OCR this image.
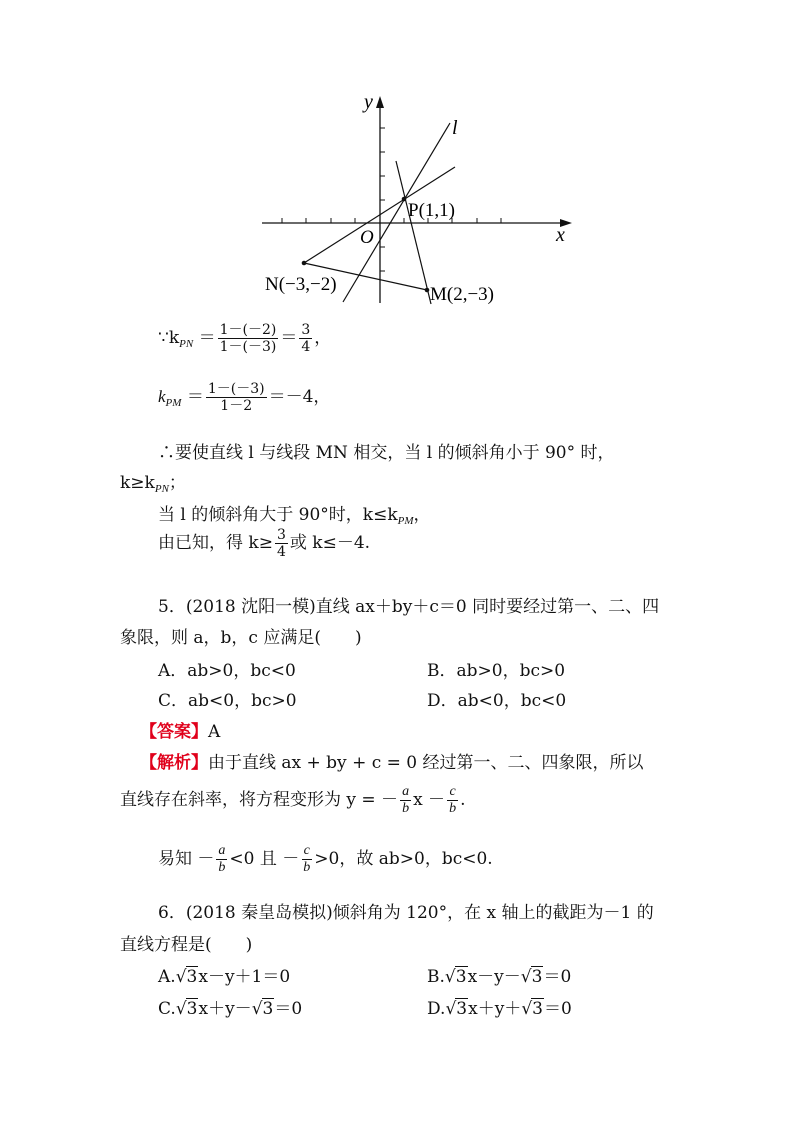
y
x
O
l
P(1,1)
N(−3,−2)	M(2,−3)
$\because k_{PN} = \frac{1-(-2)}{1-(-3)} = \frac{3}{4}$ ，
$k_{PM} = \frac{1-(-3)}{1-2} =-4$，
∴要使直线 l 与线段 MN 相交，当 l 的倾斜角小于 90° 时，
$k\ge k_{PN}$；
当 l 的倾斜角大于 90°时，$k\le k_{PM}$，
由已知，得 $k\ge \frac{3}{4}$ 或 k≤－4.
5．(2018 沈阳一模)直线 ax＋by＋c＝0 同时要经过第一、二、四
象限，则 a，b，c 应满足(　　)
A．ab>0，bc<0	B．ab>0，bc>0
C．ab<0，bc>0	D．ab<0，bc<0
【答案】A
【解析】由于直线 ax + by + c = 0 经过第一、二、四象限，所以
直线存在斜率，将方程变形为 y = － $\frac{a}{b}$ $x - \frac{c}{b}$ .
易知 － $\frac{a}{b} <0$ 且 － $\frac{c}{b} >0$，故 ab>0，bc<0.
6．(2018 秦皇岛模拟)倾斜角为 120°，在 x 轴上的截距为－1 的
直线方程是(　　)
A.√3x－y＋1＝0	B.√3x－y－√3＝0
C.√3x＋y－√3＝0	D.√3x＋y＋√3＝0
